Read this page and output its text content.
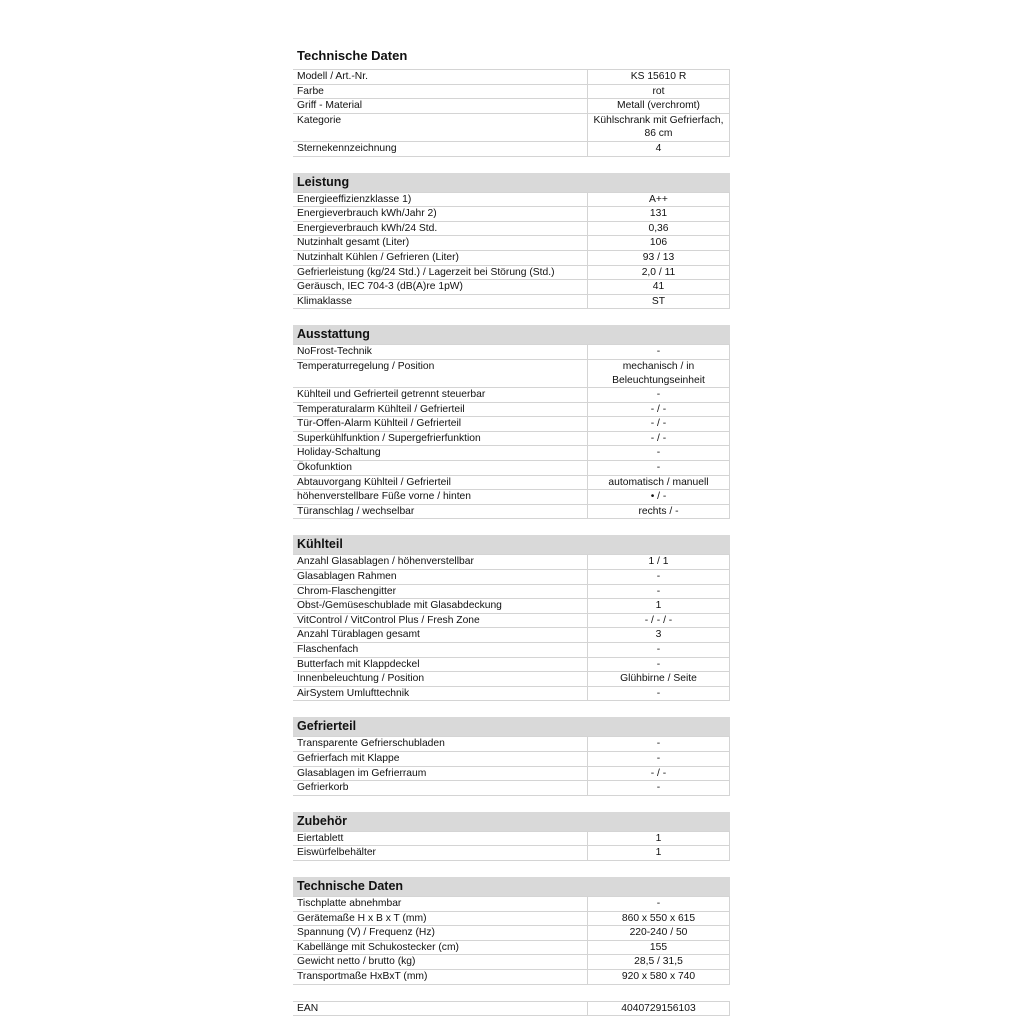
Technische Daten
Modell / Art.-Nr.	KS 15610 R
Farbe	rot
Griff - Material	Metall (verchromt)
Kategorie	Kühlschrank mit Gefrierfach, 86 cm
Sternekennzeichnung	4
Leistung
Energieeffizienzklasse 1)	A++
Energieverbrauch kWh/Jahr 2)	131
Energieverbrauch kWh/24 Std.	0,36
Nutzinhalt gesamt (Liter)	106
Nutzinhalt Kühlen / Gefrieren (Liter)	93 / 13
Gefrierleistung (kg/24 Std.) / Lagerzeit bei Störung (Std.)	2,0 / 11
Geräusch, IEC 704-3 (dB(A)re 1pW)	41
Klimaklasse	ST
Ausstattung
NoFrost-Technik	-
Temperaturregelung / Position	mechanisch / in Beleuchtungseinheit
Kühlteil und Gefrierteil getrennt steuerbar	-
Temperaturalarm Kühlteil / Gefrierteil	- / -
Tür-Offen-Alarm Kühlteil / Gefrierteil	- / -
Superkühlfunktion / Supergefrierfunktion	- / -
Holiday-Schaltung	-
Ökofunktion	-
Abtauvorgang Kühlteil / Gefrierteil	automatisch / manuell
höhenverstellbare Füße vorne / hinten	• / -
Türanschlag / wechselbar	rechts / -
Kühlteil
Anzahl Glasablagen / höhenverstellbar	1 / 1
Glasablagen Rahmen	-
Chrom-Flaschengitter	-
Obst-/Gemüseschublade mit Glasabdeckung	1
VitControl / VitControl Plus / Fresh Zone	- / - / -
Anzahl Türablagen gesamt	3
Flaschenfach	-
Butterfach mit Klappdeckel	-
Innenbeleuchtung / Position	Glühbirne / Seite
AirSystem Umlufttechnik	-
Gefrierteil
Transparente Gefrierschubladen	-
Gefrierfach mit Klappe	-
Glasablagen im Gefrierraum	- / -
Gefrierkorb	-
Zubehör
Eiertablett	1
Eiswürfelbehälter	1
Technische Daten
Tischplatte abnehmbar	-
Gerätemaße H x B x T (mm)	860 x 550 x 615
Spannung (V) / Frequenz (Hz)	220-240 / 50
Kabellänge mit Schukostecker (cm)	155
Gewicht netto / brutto (kg)	28,5 / 31,5
Transportmaße HxBxT (mm)	920 x 580 x 740
EAN	4040729156103
